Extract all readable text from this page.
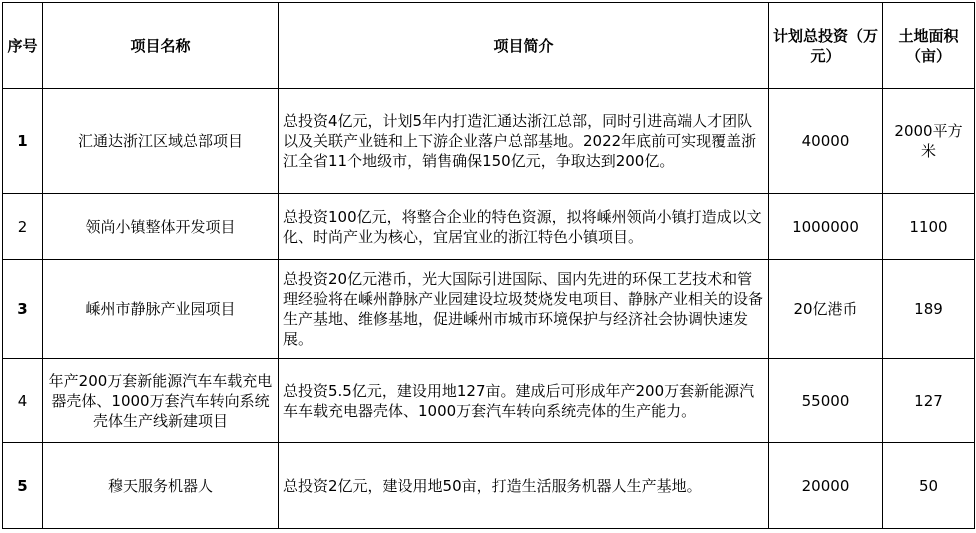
序号	项目名称	项目简介	计划总投资（万元）	土地面积（亩）
1	汇通达浙江区域总部项目	总投资4亿元，计划5年内打造汇通达浙江总部，同时引进高端人才团队以及关联产业链和上下游企业落户总部基地。2022年底前可实现覆盖浙江全省11个地级市，销售确保150亿元，争取达到200亿。	40000	2000平方米
2	领尚小镇整体开发项目	总投资100亿元，将整合企业的特色资源，拟将嵊州领尚小镇打造成以文化、时尚产业为核心，宜居宜业的浙江特色小镇项目。	1000000	1100
3	嵊州市静脉产业园项目	总投资20亿元港币，光大国际引进国际、国内先进的环保工艺技术和管理经验将在嵊州静脉产业园建设垃圾焚烧发电项目、静脉产业相关的设备生产基地、维修基地，促进嵊州市城市环境保护与经济社会协调快速发展。	20亿港币	189
4	年产200万套新能源汽车车载充电器壳体、1000万套汽车转向系统壳体生产线新建项目	总投资5.5亿元，建设用地127亩。建成后可形成年产200万套新能源汽车车载充电器壳体、1000万套汽车转向系统壳体的生产能力。	55000	127
5	穆天服务机器人	总投资2亿元，建设用地50亩，打造生活服务机器人生产基地。	20000	50
